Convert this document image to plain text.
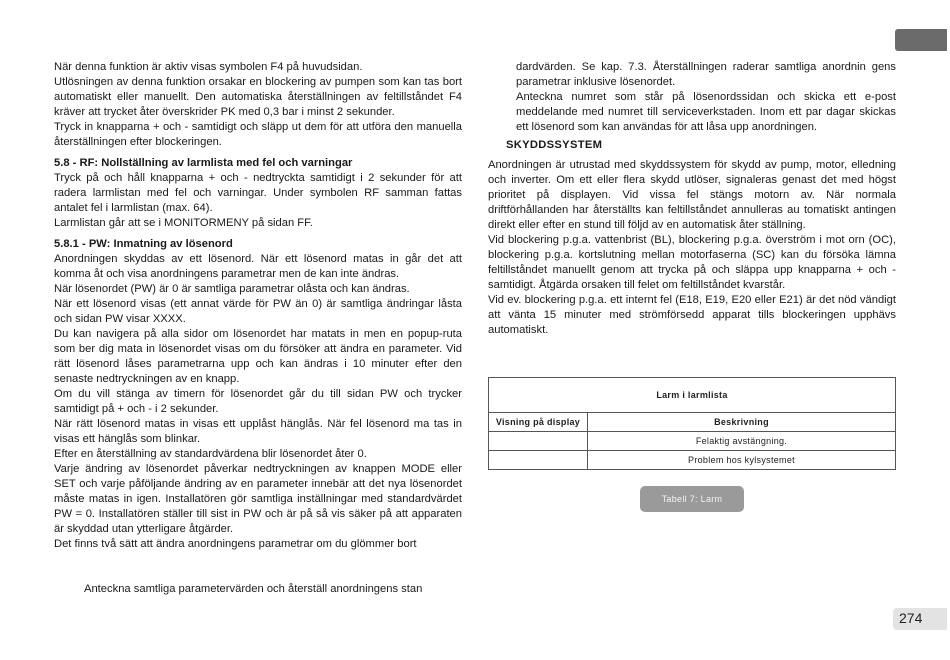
När denna funktion är aktiv visas symbolen F4 på huvudsidan.

Utlösningen av denna funktion orsakar en blockering av pumpen som kan tas bort automatiskt eller manuellt. Den automatiska återställningen av feltillståndet F4 kräver att trycket åter överskrider PK med 0,3 bar i minst 2 sekunder.

Tryck in knapparna + och - samtidigt och släpp ut dem för att utföra den manuella återställningen efter blockeringen.

5.8 - RF: Nollställning av larmlista med fel och varningar

Tryck på och håll knapparna + och - nedtryckta samtidigt i 2 sekunder för att radera larmlistan med fel och varningar. Under symbolen RF samman fattas antalet fel i larmlistan (max. 64).

Larmlistan går att se i MONITORMENY på sidan FF.

5.8.1 - PW: Inmatning av lösenord

Anordningen skyddas av ett lösenord. När ett lösenord matas in går det att komma åt och visa anordningens parametrar men de kan inte ändras.

När lösenordet (PW) är 0 är samtliga parametrar olåsta och kan ändras.

När ett lösenord visas (ett annat värde för PW än 0) är samtliga ändringar låsta och sidan PW visar XXXX.

Du kan navigera på alla sidor om lösenordet har matats in men en popup-ruta som ber dig mata in lösenordet visas om du försöker att ändra en parameter. Vid rätt lösenord låses parametrarna upp och kan ändras i 10 minuter efter den senaste nedtryckningen av en knapp.

Om du vill stänga av timern för lösenordet går du till sidan PW och trycker samtidigt på + och - i 2 sekunder.

När rätt lösenord matas in visas ett upplåst hänglås. När fel lösenord ma tas in visas ett hänglås som blinkar.

Efter en återställning av standardvärdena blir lösenordet åter 0.

Varje ändring av lösenordet påverkar nedtryckningen av knappen MODE eller SET och varje påföljande ändring av en parameter innebär att det nya lösenordet måste matas in igen. Installatören gör samtliga inställningar med standardvärdet PW = 0. Installatören ställer till sist in PW och är på så vis säker på att apparaten är skyddad utan ytterligare åtgärder.

Det finns två sätt att ändra anordningens parametrar om du glömmer bort

Anteckna samtliga parametervärden och återställ anordningens stan

dardvärden. Se kap. 7.3. Återställningen raderar samtliga anordnin gens parametrar inklusive lösenordet.

Anteckna numret som står på lösenordssidan och skicka ett e-post meddelande med numret till serviceverkstaden. Inom ett par dagar skickas ett lösenord som kan användas för att låsa upp anordningen.

SKYDDSSYSTEM

Anordningen är utrustad med skyddssystem för skydd av pump, motor, elledning och inverter. Om ett eller flera skydd utlöser, signaleras genast det med högst prioritet på displayen. Vid vissa fel stängs motorn av. När normala driftförhållanden har återställts kan feltillståndet annulleras au tomatiskt antingen direkt eller efter en stund till följd av en automatisk åter ställning.

Vid blockering p.g.a. vattenbrist (BL), blockering p.g.a. överström i mot orn (OC), blockering p.g.a. kortslutning mellan motorfaserna (SC) kan du försöka lämna feltillståndet manuellt genom att trycka på och släppa upp knapparna + och - samtidigt. Åtgärda orsaken till felet om feltillståndet kvarstår.

Vid ev. blockering p.g.a. ett internt fel (E18, E19, E20 eller E21) är det nöd vändigt att vänta 15 minuter med strömförsedd apparat tills blockeringen upphävs automatiskt.

Larm i larmlista	
Visning på display	Beskrivning
	Felaktig avstängning.
	Problem hos kylsystemet
Tabell 7: Larm
274
